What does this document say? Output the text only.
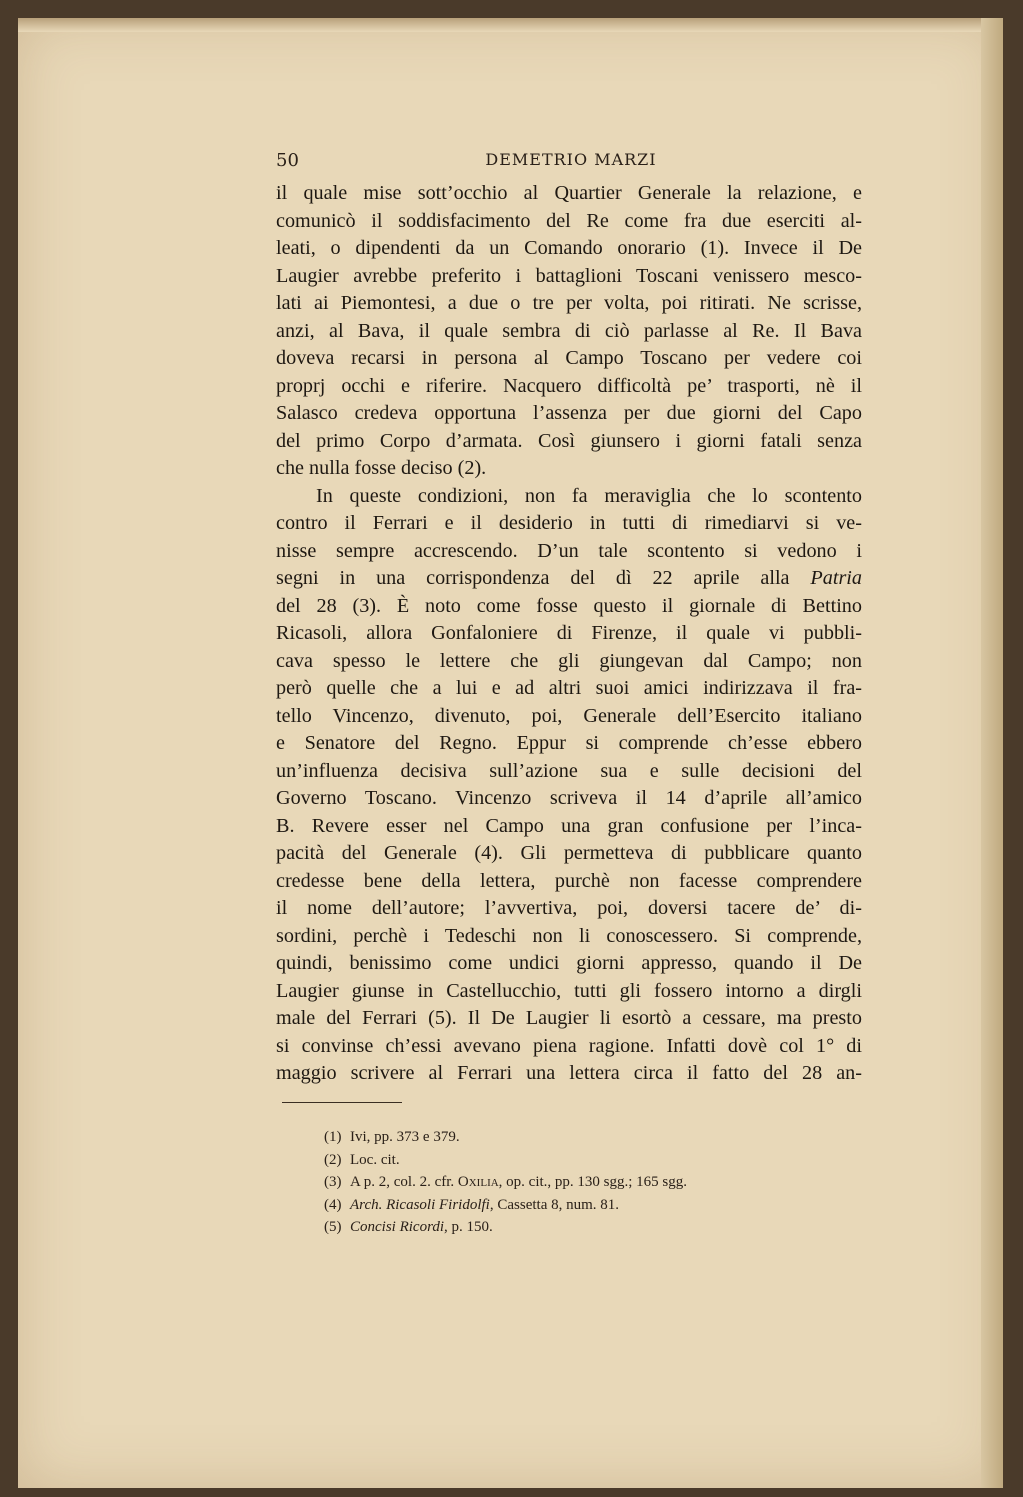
50	DEMETRIO MARZI
il quale mise sott’occhio al Quartier Generale la relazione, e
comunicò il soddisfacimento del Re come fra due eserciti al-
leati, o dipendenti da un Comando onorario (1). Invece il De
Laugier avrebbe preferito i battaglioni Toscani venissero mesco-
lati ai Piemontesi, a due o tre per volta, poi ritirati. Ne scrisse,
anzi, al Bava, il quale sembra di ciò parlasse al Re. Il Bava
doveva recarsi in persona al Campo Toscano per vedere coi
proprj occhi e riferire. Nacquero difficoltà pe’ trasporti, nè il
Salasco credeva opportuna l’assenza per due giorni del Capo
del primo Corpo d’armata. Così giunsero i giorni fatali senza
che nulla fosse deciso (2).
In queste condizioni, non fa meraviglia che lo scontento
contro il Ferrari e il desiderio in tutti di rimediarvi si ve-
nisse sempre accrescendo. D’un tale scontento si vedono i
segni in una corrispondenza del dì 22 aprile alla Patria
del 28 (3). È noto come fosse questo il giornale di Bettino
Ricasoli, allora Gonfaloniere di Firenze, il quale vi pubbli-
cava spesso le lettere che gli giungevan dal Campo; non
però quelle che a lui e ad altri suoi amici indirizzava il fra-
tello Vincenzo, divenuto, poi, Generale dell’Esercito italiano
e Senatore del Regno. Eppur si comprende ch’esse ebbero
un’influenza decisiva sull’azione sua e sulle decisioni del
Governo Toscano. Vincenzo scriveva il 14 d’aprile all’amico
B. Revere esser nel Campo una gran confusione per l’inca-
pacità del Generale (4). Gli permetteva di pubblicare quanto
credesse bene della lettera, purchè non facesse comprendere
il nome dell’autore; l’avvertiva, poi, doversi tacere de’ di-
sordini, perchè i Tedeschi non li conoscessero. Si comprende,
quindi, benissimo come undici giorni appresso, quando il De
Laugier giunse in Castellucchio, tutti gli fossero intorno a dirgli
male del Ferrari (5). Il De Laugier li esortò a cessare, ma presto
si convinse ch’essi avevano piena ragione. Infatti dovè col 1° di
maggio scrivere al Ferrari una lettera circa il fatto del 28 an-
(1) Ivi, pp. 373 e 379.
(2) Loc. cit.
(3) A p. 2, col. 2. cfr. Oxilia, op. cit., pp. 130 sgg.; 165 sgg.
(4) Arch. Ricasoli Firidolfi, Cassetta 8, num. 81.
(5) Concisi Ricordi, p. 150.
